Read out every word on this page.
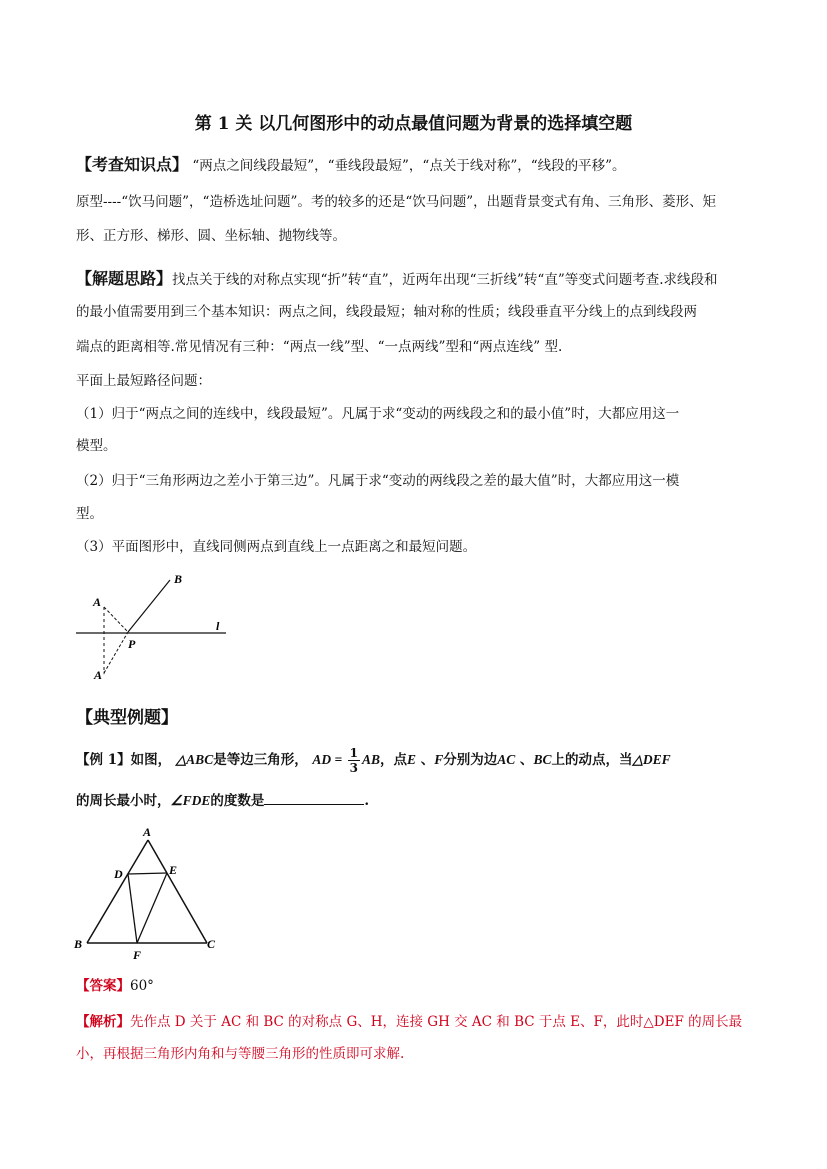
第 1 关 以几何图形中的动点最值问题为背景的选择填空题
【考查知识点】 “两点之间线段最短”，“垂线段最短”，“点关于线对称”，“线段的平移”。
原型----“饮马问题”，“造桥选址问题”。考的较多的还是“饮马问题”，出题背景变式有角、三角形、菱形、矩
形、正方形、梯形、圆、坐标轴、抛物线等。
【解题思路】找点关于线的对称点实现“折”转“直”，近两年出现“三折线”转“直”等变式问题考查.求线段和
的最小值需要用到三个基本知识：两点之间，线段最短；轴对称的性质；线段垂直平分线上的点到线段两
端点的距离相等.常见情况有三种：“两点一线”型、“一点两线”型和“两点连线” 型.
平面上最短路径问题：
（1）归于“两点之间的连线中，线段最短”。凡属于求“变动的两线段之和的最小值”时，大都应用这一
模型。
（2）归于“三角形两边之差小于第三边”。凡属于求“变动的两线段之差的最大值”时，大都应用这一模
型。
（3）平面图形中，直线同侧两点到直线上一点距离之和最短问题。
A
B
l
P
A'
【典型例题】
【例 1】如图， △ABC是等边三角形， AD = $\frac{1}{3}$ AB，点E 、F分别为边AC 、BC上的动点，当△DEF
的周长最小时，∠FDE的度数是	.
A
B	C
D	E
F
【答案】60°
【解析】先作点 D 关于 AC 和 BC 的对称点 G、H，连接 GH 交 AC 和 BC 于点 E、F，此时△DEF 的周长最
小，再根据三角形内角和与等腰三角形的性质即可求解.
